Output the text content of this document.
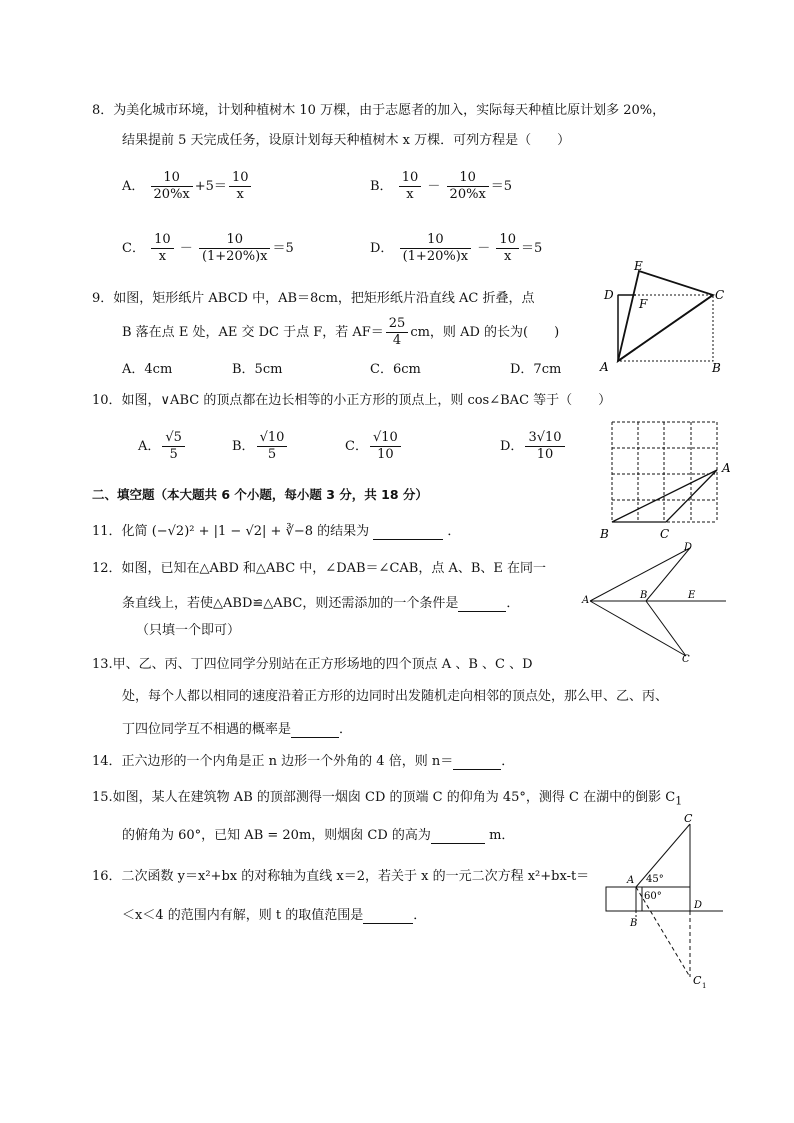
8．为美化城市环境，计划种植树木 10 万棵，由于志愿者的加入，实际每天种植比原计划多 20%，
结果提前 5 天完成任务，设原计划每天种植树木 x 万棵．可列方程是（　　）
A． $\frac{10}{20\%x} +5= \frac{10}{x}$	B． $\frac{10}{x} - \frac{10}{20\%x} =5$
C． $\frac{10}{x} - \frac{10}{(1+20\%)x} =5$	D． $\frac{10}{(1+20\%)x} - \frac{10}{x} =5$
9．如图，矩形纸片 ABCD 中，AB＝8cm，把矩形纸片沿直线 AC 折叠，点
B 落在点 E 处，AE 交 DC 于点 F，若 $AF= \frac{25}{4}$ cm，则 AD 的长为(　　)
A．4cm	B．5cm	C．6cm	D．7cm
E
D
F
C
A	B
10．如图，∨ABC 的顶点都在边长相等的小正方形的顶点上，则 cos∠BAC 等于（　　）
A． $\frac{√5}{5}$	B． $\frac{√10}{5}$	C． $\frac{√10}{10}$	D． $\frac{3√10}{10}$
A
B	C
二、填空题（本大题共 6 个小题，每小题 3 分，共 18 分）
11．化简 (−√2)² + |1 − √2| + ∛−8 的结果为	．
12．如图，已知在△ABD 和△ABC 中，∠DAB＝∠CAB，点 A、B、E 在同一
条直线上，若使△ABD≌△ABC，则还需添加的一个条件是	．
（只填一个即可）
D
A	B	E
C
13.甲、乙、丙、丁四位同学分别站在正方形场地的四个顶点 A 、B 、C 、D
处，每个人都以相同的速度沿着正方形的边同时出发随机走向相邻的顶点处，那么甲、乙、丙、
丁四位同学互不相遇的概率是	．
14．正六边形的一个内角是正 n 边形一个外角的 4 倍，则 n＝	．
15.如图，某人在建筑物 AB 的顶部测得一烟囱 CD 的顶端 C 的仰角为 45°，测得 C 在湖中的倒影 $C_1$
的俯角为 60°，已知 AB = 20m，则烟囱 CD 的高为	m．
16．二次函数 y＝x²+bx 的对称轴为直线 x＝2，若关于 x 的一元二次方程 x²+bx-t＝
＜x＜4 的范围内有解，则 t 的取值范围是	．
C
A
B
D
45°
60°
C 1
